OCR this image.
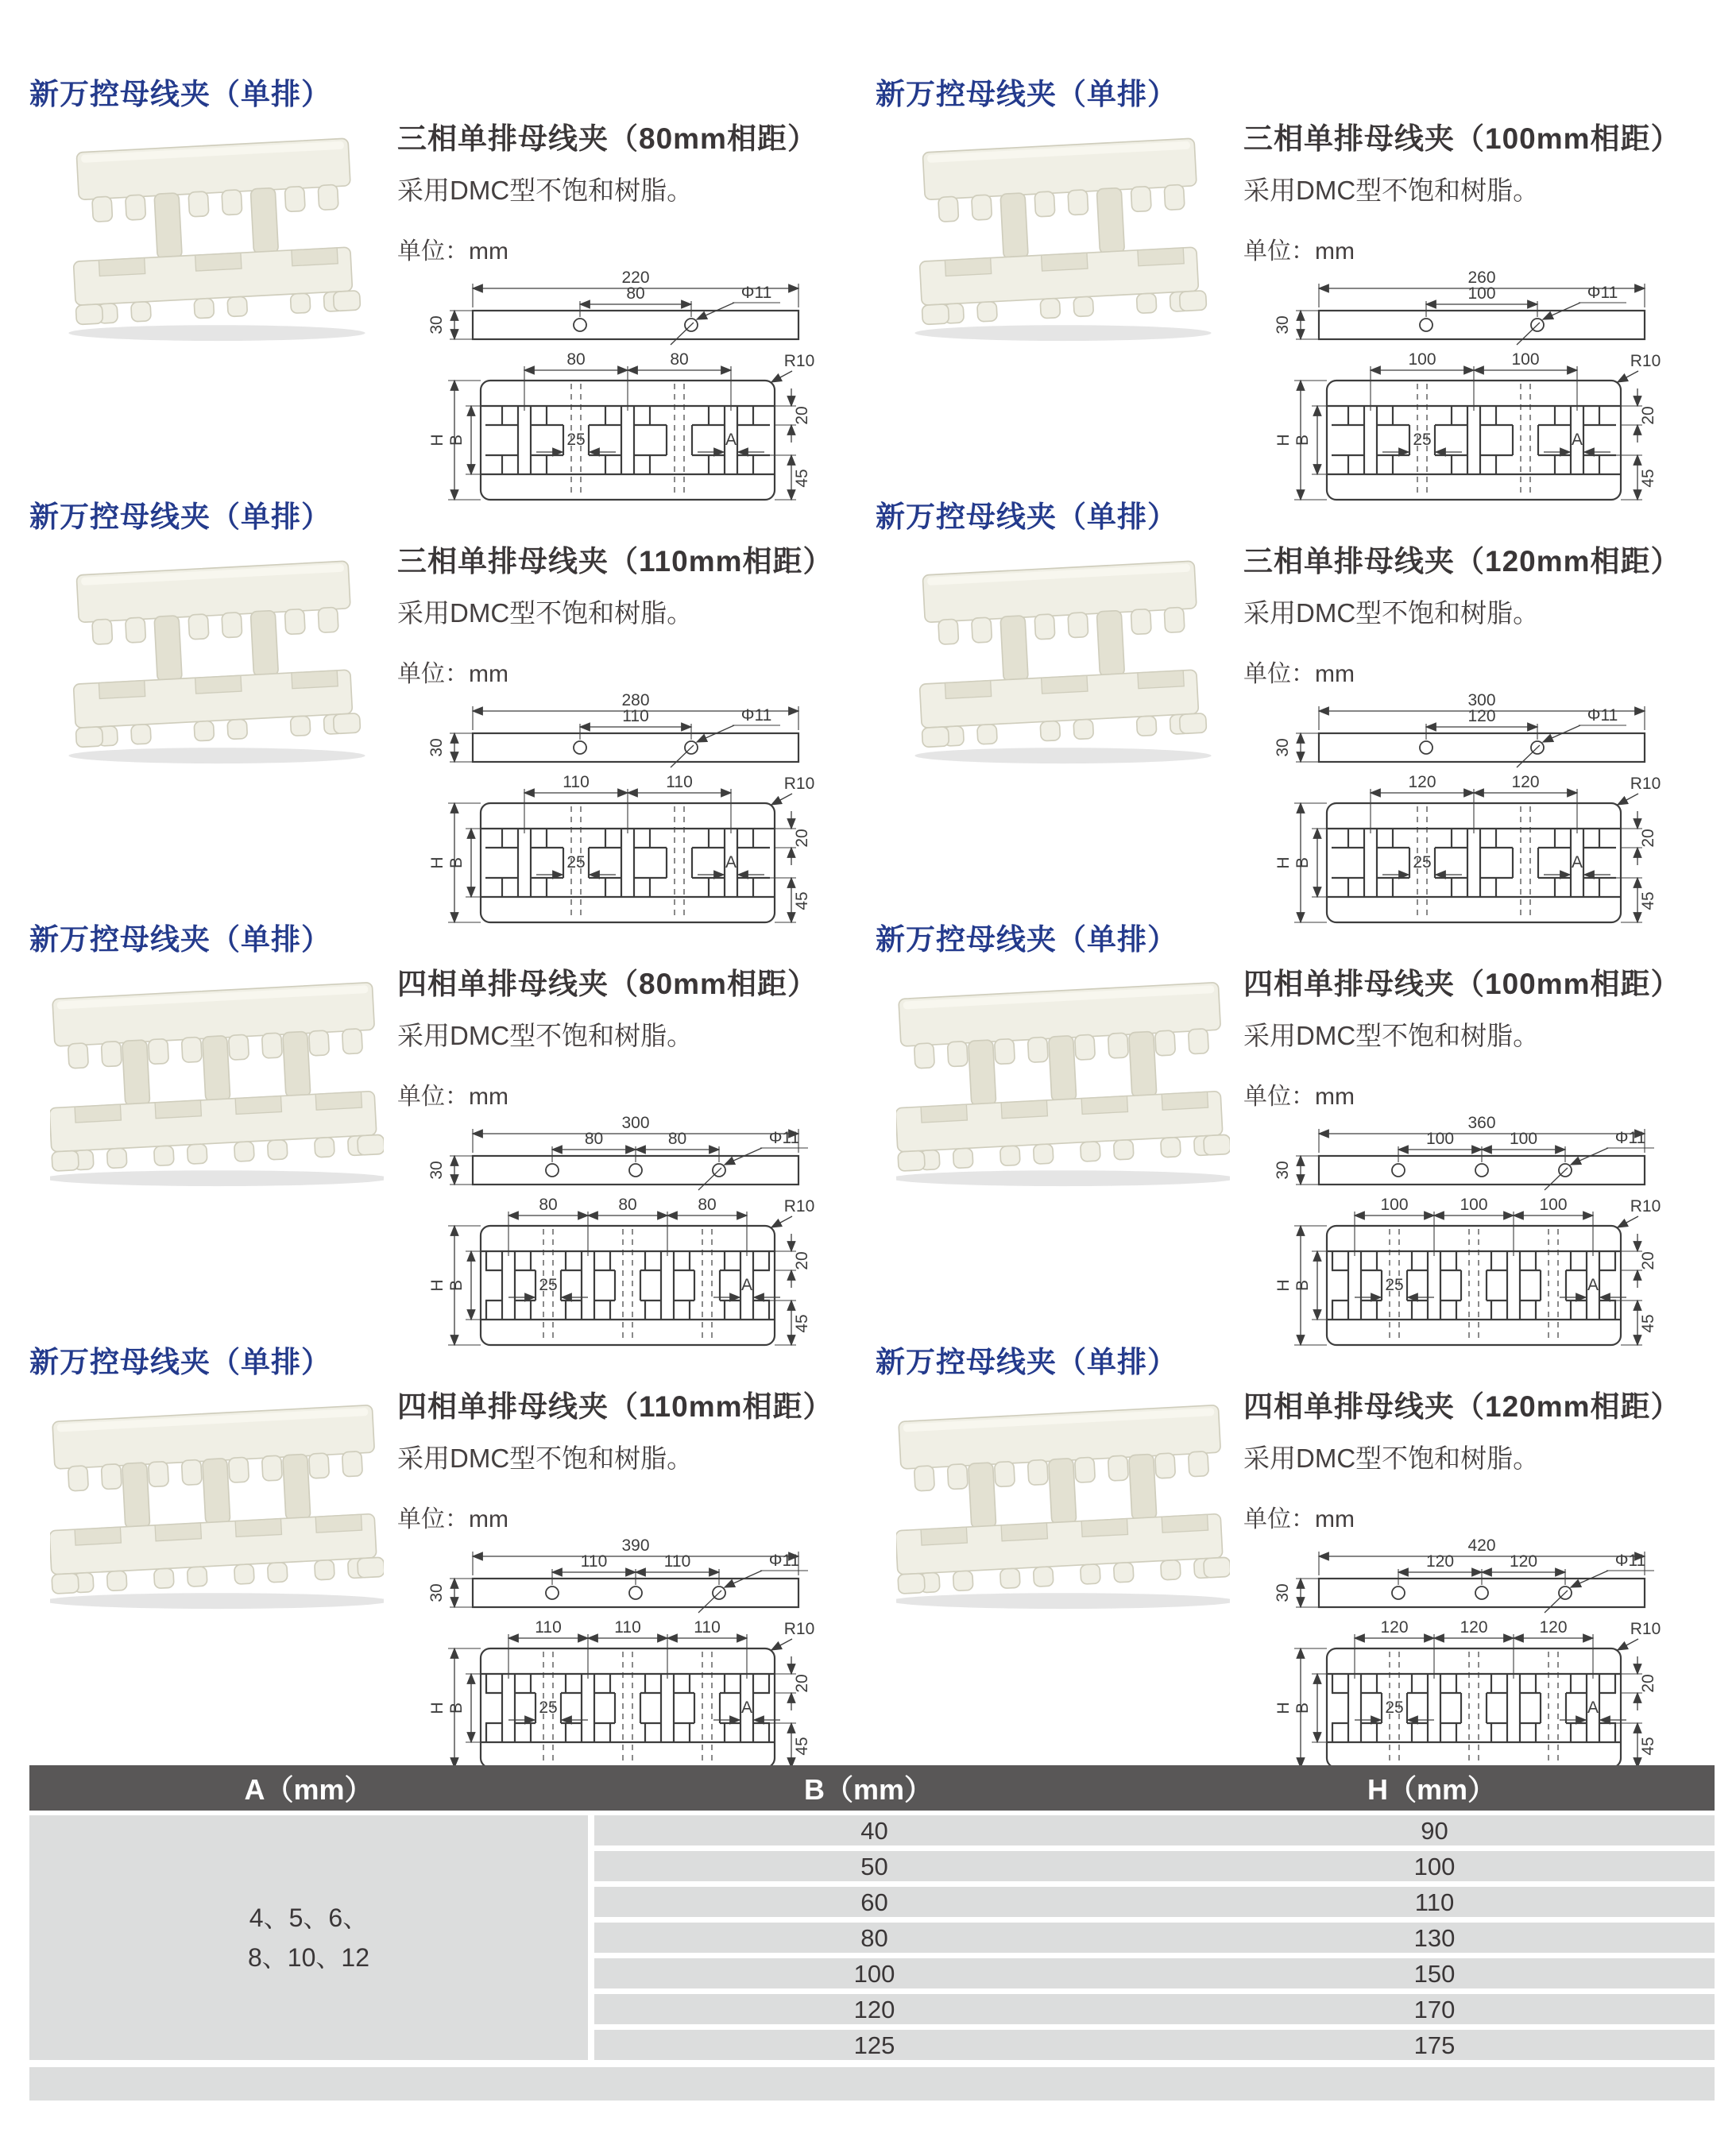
新万控母线夹（单排）
三相单排母线夹（80mm相距）

采用DMC型不饱和树脂。

单位：mm

220
80	Φ11
30
80	80	R10
H B
20
45
25	A
新万控母线夹（单排）
三相单排母线夹（100mm相距）

采用DMC型不饱和树脂。

单位：mm

260
100	Φ11
30
100	100	R10
H B
20
45
25	A
新万控母线夹（单排）
三相单排母线夹（110mm相距）

采用DMC型不饱和树脂。

单位：mm

280
110	Φ11
30
110	110	R10
H B
20
45
25	A
新万控母线夹（单排）
三相单排母线夹（120mm相距）

采用DMC型不饱和树脂。

单位：mm

300
120	Φ11
30
120	120	R10
H B
20
45
25	A
新万控母线夹（单排）
四相单排母线夹（80mm相距）

采用DMC型不饱和树脂。

单位：mm

300
80	80	Φ11
30
80	80	80	R10
H B
20
45
25	A
新万控母线夹（单排）
四相单排母线夹（100mm相距）

采用DMC型不饱和树脂。

单位：mm

360
100	100	Φ11
30
100	100	100	R10
H B
20
45
25	A
新万控母线夹（单排）
四相单排母线夹（110mm相距）

采用DMC型不饱和树脂。

单位：mm

390
110	110	Φ11
30
110	110	110	R10
H B
20
45
25	A
新万控母线夹（单排）
四相单排母线夹（120mm相距）

采用DMC型不饱和树脂。

单位：mm

420
120	120	Φ11
30
120	120	120	R10
H B
20
45
25	A
A（mm）	B（mm）	H（mm）
4、5、6、
8、10、12
40	90
50	100
60	110
80	130
100	150
120	170
125	175
